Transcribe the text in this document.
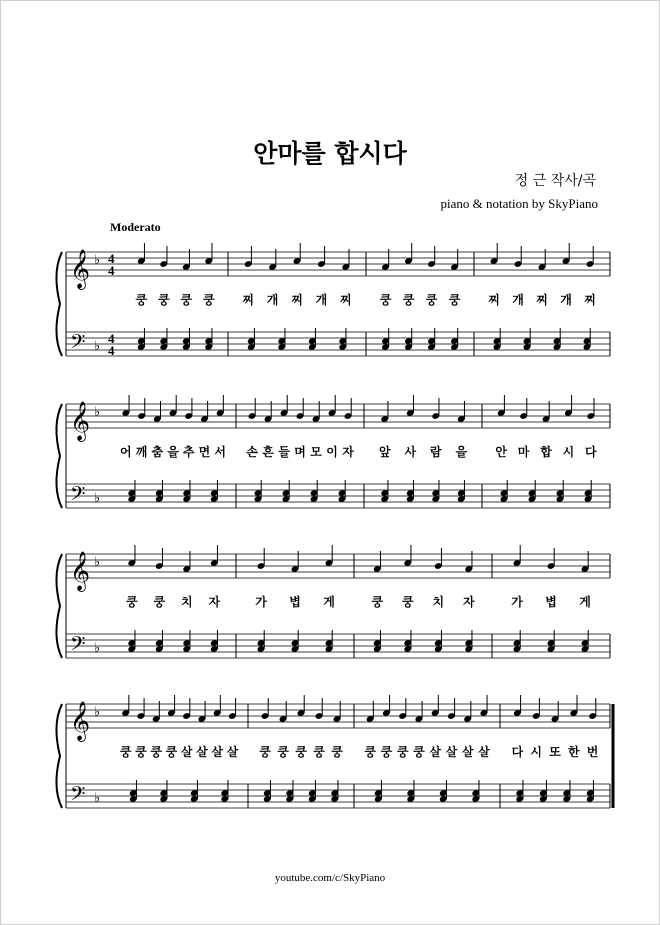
안마를 합시다
정 근 작사/곡
piano & notation by SkyPiano
Moderato
𝄞
𝄢
♭
♭
4
4
4
4
쿵 쿵 쿵 쿵 찌 개 찌 개 찌 쿵 쿵 쿵 쿵 찌 개 찌 개 찌
𝄞
𝄢
♭
♭
어 깨 춤 을 추 면 서 손 흔 들 며 모 이 자 앞 사 람 을 안 마 합 시 다
𝄞
𝄢
♭
♭
쿵 쿵 치 자	가 볍 게	쿵 쿵 치 자	가 볍 게
𝄞
𝄢
♭
♭
쿵 쿵 쿵 쿵 살 살 살 살 쿵 쿵 쿵 쿵 쿵 쿵 쿵 쿵 쿵 살 살 살 살 다 시 또 한 번
youtube.com/c/SkyPiano
